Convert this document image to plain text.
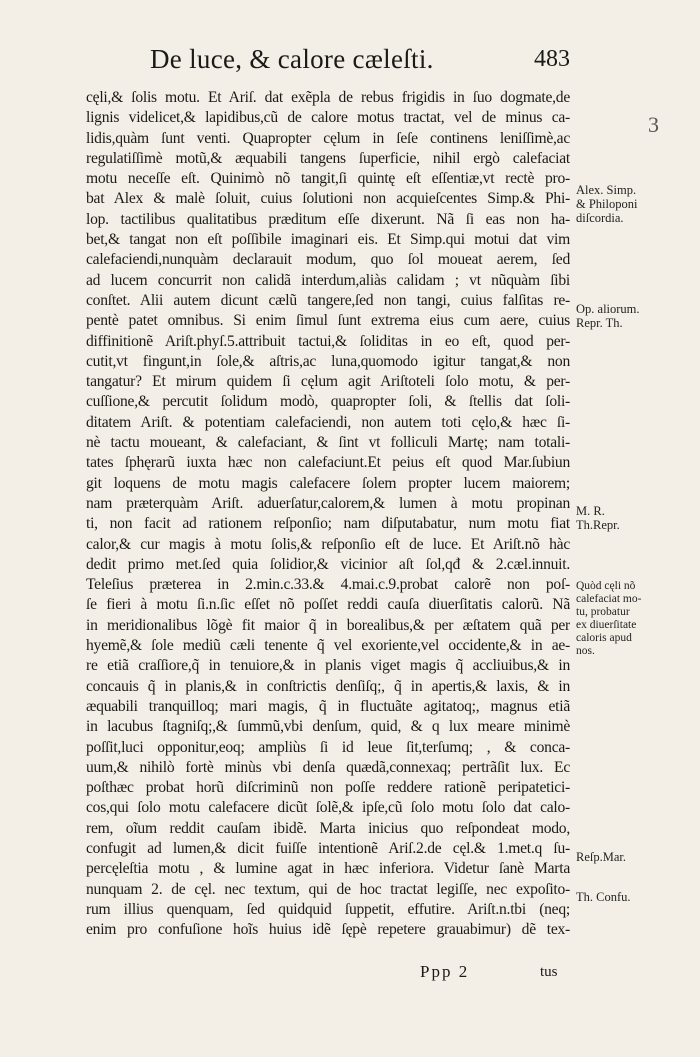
De luce, & calore cæleſti.	483
3
cęli,& ſolis motu. Et Ariſ. dat exẽpla de rebus frigidis in ſuo dogmate,de
lignis videlicet,& lapidibus,cũ de calore motus tractat, vel de minus ca-
lidis,quàm ſunt venti. Quapropter cęlum in ſeſe continens leniſſimè,ac
regulatiſſimè motũ,& æquabili tangens ſuperficie, nihil ergò calefaciat
motu neceſſe eſt. Quinimò nõ tangit,ſi quintę eſt eſſentiæ,vt rectè pro-
bat Alex & malè ſoluit, cuius ſolutioni non acquieſcentes Simp.& Phi-
lop. tactilibus qualitatibus præditum eſſe dixerunt. Nã ſi eas non ha-
bet,& tangat non eſt poſſibile imaginari eis. Et Simp.qui motui dat vim
calefaciendi,nunquàm declarauit modum, quo ſol moueat aerem, ſed
ad lucem concurrit non calidã interdum,aliàs calidam ; vt nũquàm ſibi
conſtet. Alii autem dicunt cælũ tangere,ſed non tangi, cuius falſitas re-
pentè patet omnibus. Si enim ſimul ſunt extrema eius cum aere, cuius
diffinitionẽ Ariſt.phyſ.5.attribuit tactui,& ſoliditas in eo eſt, quod per-
cutit,vt fingunt,in ſole,& aſtris,ac luna,quomodo igitur tangat,& non
tangatur? Et mirum quidem ſi cęlum agit Ariſtoteli ſolo motu, & per-
cuſſione,& percutit ſolidum modò, quapropter ſoli, & ſtellis dat ſoli-
ditatem Ariſt. & potentiam calefaciendi, non autem toti cęlo,& hæc ſi-
nè tactu moueant, & calefaciant, & ſint vt folliculi Martę; nam totali-
tates ſphęrarũ iuxta hæc non calefaciunt.Et peius eſt quod Mar.ſubiun
git loquens de motu magis calefacere ſolem propter lucem maiorem;
nam præterquàm Ariſt. aduerſatur,calorem,& lumen à motu propinan
ti, non facit ad rationem reſponſio; nam diſputabatur, num motu fiat
calor,& cur magis à motu ſolis,& reſponſio eſt de luce. Et Ariſt.nõ hàc
dedit primo met.ſed quia ſolidior,& vicinior aſt ſol,qđ & 2.cæl.innuit.
Teleſius præterea in 2.min.c.33.& 4.mai.c.9.probat calorẽ non poſ-
ſe fieri à motu ſi.n.ſic eſſet nõ poſſet reddi cauſa diuerſitatis calorũ. Nã
in meridionalibus lõgè fit maior q̃ in borealibus,& per æſtatem quã per
hyemẽ,& ſole mediũ cæli tenente q̃ vel exoriente,vel occidente,& in ae-
re etiã craſſiore,q̃ in tenuiore,& in planis viget magis q̃ accliuibus,& in
concauis q̃ in planis,& in conſtrictis denſiſq;, q̃ in apertis,& laxis, & in
æquabili tranquilloq; mari magis, q̃ in fluctuãte agitatoq;, magnus etiã
in lacubus ſtagniſq;,& ſummũ,vbi denſum, quid, & q lux meare minimè
poſſit,luci opponitur,eoq; ampliùs ſi id leue ſit,terſumq; , & conca-
uum,& nihilò fortè minùs vbi denſa quædã,connexaq; pertrãſit lux. Ec
poſthæc probat horũ diſcriminũ non poſſe reddere rationẽ peripatetici-
cos,qui ſolo motu calefacere dicũt ſolẽ,& ipſe,cũ ſolo motu ſolo dat calo-
rem, oĩum reddit cauſam ibidẽ. Marta inicius quo reſpondeat modo,
confugit ad lumen,& dicit fuiſſe intentionẽ Ariſ.2.de cęl.& 1.met.q ſu-
percęleſtia motu , & lumine agat in hæc inferiora. Videtur ſanè Marta
nunquam 2. de cęl. nec textum, qui de hoc tractat legiſſe, nec expoſito-
rum illius quenquam, ſed quidquid ſuppetit, effutire. Ariſt.n.tbi (neq;
enim pro confuſione hoĩs huius idẽ ſępè repetere grauabimur) dẽ tex-
Alex. Simp.
& Philoponi
diſcordia.
Op. aliorum.
Repr. Th.
M. R.
Th.Repr.
Quòd cęli nõ
calefaciat mo-
tu, probatur
ex diuerſitate
caloris apud
nos.
Reſp.Mar.
Th. Confu.
Ppp 2	tus
